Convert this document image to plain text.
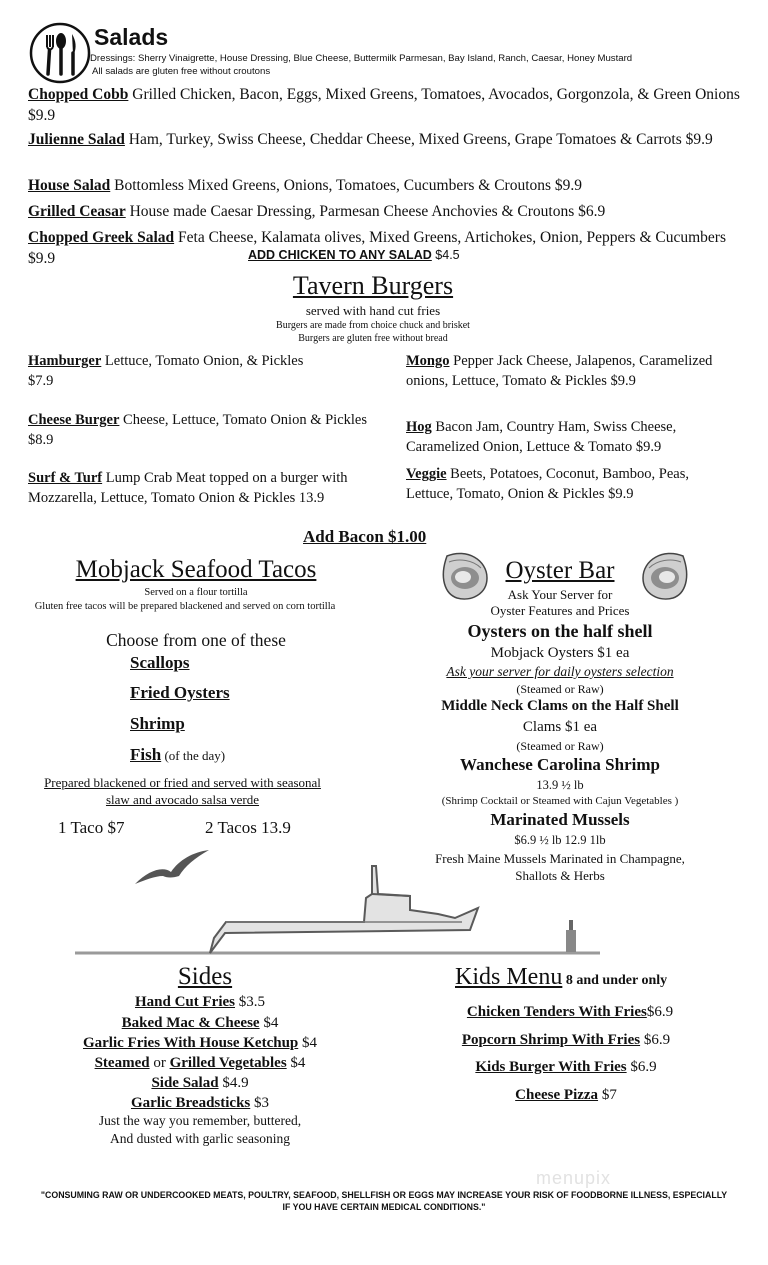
Salads
Dressings: Sherry Vinaigrette, House Dressing, Blue Cheese, Buttermilk Parmesan, Bay Island, Ranch, Caesar, Honey Mustard
All salads are gluten free without croutons
Chopped Cobb Grilled Chicken, Bacon, Eggs, Mixed Greens, Tomatoes, Avocados, Gorgonzola, & Green Onions $9.9
Julienne Salad Ham, Turkey, Swiss Cheese, Cheddar Cheese, Mixed Greens, Grape Tomatoes & Carrots $9.9
House Salad Bottomless Mixed Greens, Onions, Tomatoes, Cucumbers & Croutons $9.9
Grilled Ceasar House made Caesar Dressing, Parmesan Cheese Anchovies & Croutons $6.9
Chopped Greek Salad Feta Cheese, Kalamata olives, Mixed Greens, Artichokes, Onion, Peppers & Cucumbers $9.9	ADD CHICKEN TO ANY SALAD $4.5
Tavern Burgers
served with hand cut fries
Burgers are made from choice chuck and brisket
Burgers are gluten free without bread
Hamburger Lettuce, Tomato Onion, & Pickles $7.9
Cheese Burger Cheese, Lettuce, Tomato Onion & Pickles $8.9
Surf & Turf Lump Crab Meat topped on a burger with Mozzarella, Lettuce, Tomato Onion & Pickles 13.9
Mongo Pepper Jack Cheese, Jalapenos, Caramelized onions, Lettuce, Tomato & Pickles $9.9
Hog Bacon Jam, Country Ham, Swiss Cheese, Caramelized Onion, Lettuce & Tomato $9.9
Veggie Beets, Potatoes, Coconut, Bamboo, Peas, Lettuce, Tomato, Onion & Pickles $9.9
Add Bacon $1.00
Mobjack Seafood Tacos
Served on a flour tortilla
Gluten free tacos will be prepared blackened and served on corn tortilla
Choose from one of these
Scallops
Fried Oysters
Shrimp
Fish (of the day)
Prepared blackened or fried and served with seasonal slaw and avocado salsa verde
1 Taco $7	2 Tacos 13.9
Oyster Bar
Ask Your Server for
Oyster Features and Prices
Oysters on the half shell
Mobjack Oysters $1 ea
Ask your server for daily oysters selection
(Steamed or Raw)
Middle Neck Clams on the Half Shell
Clams $1 ea
(Steamed or Raw)
Wanchese Carolina Shrimp
13.9 ½ lb
(Shrimp Cocktail or Steamed with Cajun Vegetables )
Marinated Mussels
$6.9 ½ lb 12.9 1lb
Fresh Maine Mussels Marinated in Champagne,
Shallots & Herbs
Sides
Hand Cut Fries $3.5
Baked Mac & Cheese $4
Garlic Fries With House Ketchup $4
Steamed or Grilled Vegetables $4
Side Salad $4.9
Garlic Breadsticks $3
Just the way you remember, buttered,
And dusted with garlic seasoning
Kids Menu 8 and under only
Chicken Tenders With Fries$6.9
Popcorn Shrimp With Fries $6.9
Kids Burger With Fries $6.9
Cheese Pizza $7
menupix
"CONSUMING RAW OR UNDERCOOKED MEATS, POULTRY, SEAFOOD, SHELLFISH OR EGGS MAY INCREASE YOUR RISK OF FOODBORNE ILLNESS, ESPECIALLY
IF YOU HAVE CERTAIN MEDICAL CONDITIONS."
